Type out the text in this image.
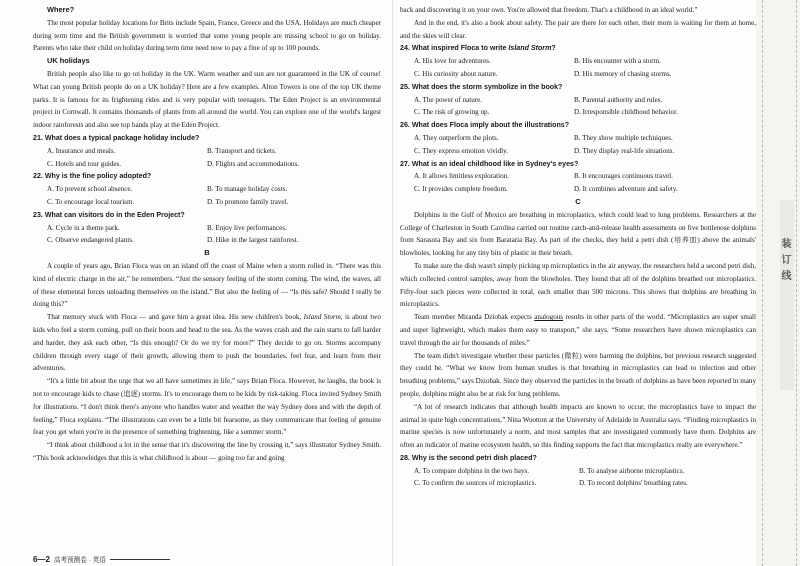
Where?

The most popular holiday locations for Brits include Spain, France, Greece and the USA. Holidays are much cheaper during term time and the British government is worried that some young people are missing school to go on holiday. Parents who take their child on holiday during term time need now to pay a fine of up to 100 pounds.

UK holidays

British people also like to go on holiday in the UK. Warm weather and sun are not guaranteed in the UK of course! What can young British people do on a UK holiday? Here are a few examples. Alton Towers is one of the top UK theme parks. It is famous for its frightening rides and is very popular with teenagers. The Eden Project is an environmental project in Cornwall. It contains thousands of plants from all around the world. You can explore one of the world's largest indoor rainforests and also see top bands play at the Eden Project.

21. What does a typical package holiday include?

A. Insurance and meals.	B. Transport and tickets.
C. Hotels and tour guides.	D. Flights and accommodations.

22. Why is the fine policy adopted?

A. To prevent school absence.	B. To manage holiday costs.
C. To encourage local tourism.	D. To promote family travel.

23. What can visitors do in the Eden Project?

A. Cycle in a theme park.	B. Enjoy live performances.
C. Observe endangered plants.	D. Hike in the largest rainforest.

B

A couple of years ago, Brian Floca was on an island off the coast of Maine when a storm rolled in. “There was this kind of electric charge in the air,” he remembers. “Just the sensory feeling of the storm coming. The wind, the waves, all of these elemental forces unloading themselves on the island.” But also the feeling of — “Is this safe? Should I really be doing this?”

That memory stuck with Floca — and gave him a great idea. His new children's book, Island Storm, is about two kids who feel a storm coming, pull on their boots and head to the sea. As the waves crash and the rain starts to fall harder and harder, they ask each other, “Is this enough? Or do we try for more?” They decide to go on. Storms accompany children through every stage of their growth, allowing them to push the boundaries, feel fear, and learn from their adventures.

“It's a little bit about the urge that we all have sometimes in life,” says Brian Floca. However, he laughs, the book is not to encourage kids to chase (追逐) storms. It's to encourage them to be kids by risk-taking. Floca invited Sydney Smith for illustrations. “I don't think there's anyone who handles water and weather the way Sydney does and with the depth of feeling,” Floca explains. “The illustrations can even be a little bit fearsome, as they communicate that feeling of genuine fear you get when you're in the presence of something frightening, like a summer storm.”

“I think about childhood a lot in the sense that it's discovering the line by crossing it,” says illustrator Sydney Smith. “This book acknowledges that this is what childhood is about — going too far and going

back and discovering it on your own. You're allowed that freedom. That's a childhood in an ideal world.”

And in the end, it's also a book about safety. The pair are there for each other, their mom is waiting for them at home, and the skies will clear.

24. What inspired Floca to write Island Storm?

A. His love for adventures.	B. His encounter with a storm.
C. His curiosity about nature.	D. His memory of chasing storms.

25. What does the storm symbolize in the book?

A. The power of nature.	B. Parental authority and rules.
C. The risk of growing up.	D. Irresponsible childhood behavior.

26. What does Floca imply about the illustrations?

A. They outperform the plots.	B. They show multiple techniques.
C. They express emotion vividly.	D. They display real-life situations.

27. What is an ideal childhood like in Sydney's eyes?

A. It allows limitless exploration.	B. It encourages continuous travel.
C. It provides complete freedom.	D. It combines adventure and safety.

C

Dolphins in the Gulf of Mexico are breathing in microplastics, which could lead to lung problems. Researchers at the College of Charleston in South Carolina carried out routine catch-and-release health assessments on five bottlenose dolphins from Sarasota Bay and six from Barataria Bay. As part of the checks, they held a petri dish (培养皿) above the animals' blowholes, looking for any tiny bits of plastic in their breath.

To make sure the dish wasn't simply picking up microplastics in the air anyway, the researchers held a second petri dish, which collected control samples, away from the blowholes. They found that all of the dolphins breathed out microplastics. Fifty-four such pieces were collected in total, each smaller than 500 microns. This shows that dolphins are breathing in microplastics.

Team member Miranda Dziobak expects analogous results in other parts of the world. “Microplastics are super small and super lightweight, which makes them easy to transport,” she says. “Some researchers have shown microplastics can travel through the air for thousands of miles.”

The team didn't investigate whether these particles (微粒) were harming the dolphins, but previous research suggested they could be. “What we know from human studies is that breathing in microplastics can lead to infection and other breathing problems,” says Dziobak. Since they observed the particles in the breath of dolphins as have been reported in many people, dolphins might also be at risk for lung problems.

“A lot of research indicates that although health impacts are known to occur, the microplastics have to impact the animal in quite high concentrations,” Nina Wootton at the University of Adelaide in Australia says. “Finding microplastics in marine species is now unfortunately a norm, and most samples that are investigated commonly have them. Dolphins are often an indicator of marine ecosystem health, so this finding supports the fact that microplastics really are everywhere.”

28. Why is the second petri dish placed?

A. To compare dolphins in the two bays.	B. To analyse airborne microplastics.
C. To confirm the sources of microplastics.	D. To record dolphins' breathing rates.
6—2 高考预测卷 · 英语
装订线
